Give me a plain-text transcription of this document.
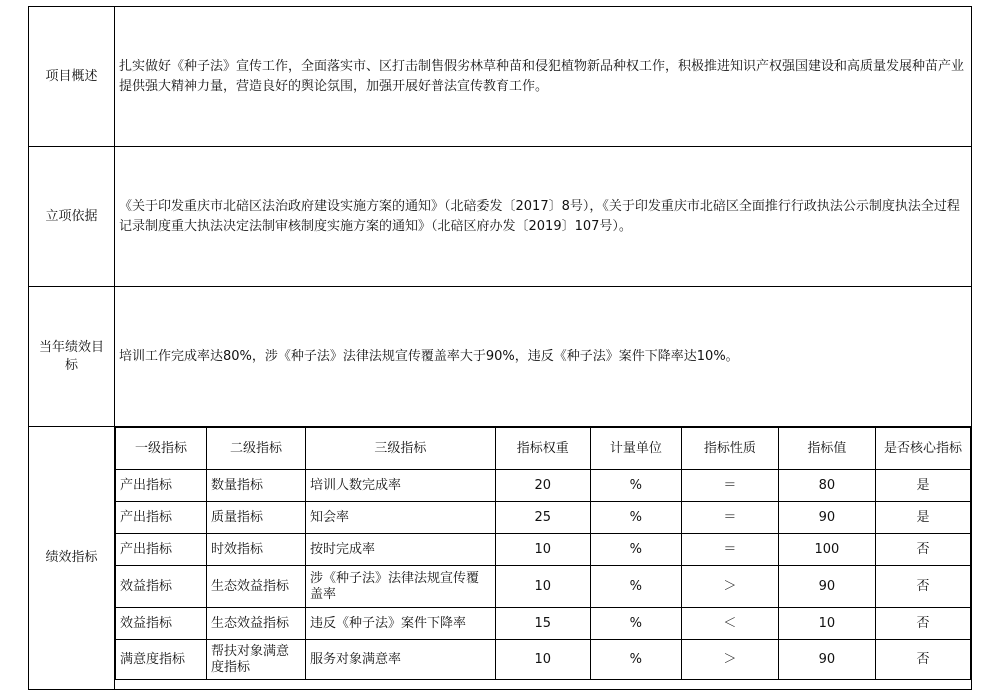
项目概述
扎实做好《种子法》宣传工作，全面落实市、区打击制售假劣林草种苗和侵犯植物新品种权工作，积极推进知识产权强国建设和高质量发展种苗产业提供强大精神力量，营造良好的舆论氛围，加强开展好普法宣传教育工作。
立项依据
《关于印发重庆市北碚区法治政府建设实施方案的通知》（北碚委发〔2017〕8号），《关于印发重庆市北碚区全面推行行政执法公示制度执法全过程记录制度重大执法决定法制审核制度实施方案的通知》（北碚区府办发〔2019〕107号）。
当年绩效目标
培训工作完成率达80%，涉《种子法》法律法规宣传覆盖率大于90%，违反《种子法》案件下降率达10%。
绩效指标
一级指标	二级指标	三级指标	指标权重	计量单位	指标性质	指标值	是否核心指标
产出指标	数量指标	培训人数完成率	20	%	＝	80	是
产出指标	质量指标	知会率	25	%	＝	90	是
产出指标	时效指标	按时完成率	10	%	＝	100	否
效益指标	生态效益指标	涉《种子法》法律法规宣传覆盖率	10	%	＞	90	否
效益指标	生态效益指标	违反《种子法》案件下降率	15	%	＜	10	否
满意度指标	帮扶对象满意度指标	服务对象满意率	10	%	＞	90	否
